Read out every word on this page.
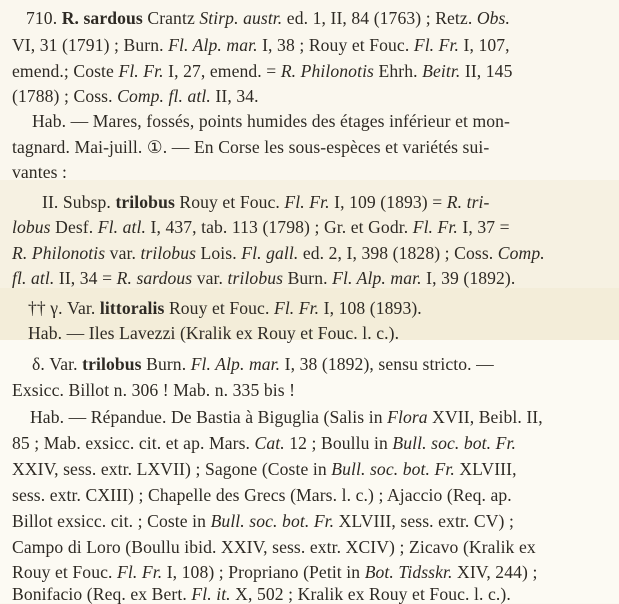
710. R. sardous Crantz Stirp. austr. ed. 1, II, 84 (1763) ; Retz. Obs.
VI, 31 (1791) ; Burn. Fl. Alp. mar. I, 38 ; Rouy et Fouc. Fl. Fr. I, 107,
emend.; Coste Fl. Fr. I, 27, emend. = R. Philonotis Ehrh. Beitr. II, 145
(1788) ; Coss. Comp. fl. atl. II, 34.
Hab. — Mares, fossés, points humides des étages inférieur et mon-
tagnard. Mai-juill. ①. — En Corse les sous-espèces et variétés sui-
vantes :
II. Subsp. trilobus Rouy et Fouc. Fl. Fr. I, 109 (1893) = R. tri-
lobus Desf. Fl. atl. I, 437, tab. 113 (1798) ; Gr. et Godr. Fl. Fr. I, 37 =
R. Philonotis var. trilobus Lois. Fl. gall. ed. 2, I, 398 (1828) ; Coss. Comp.
fl. atl. II, 34 = R. sardous var. trilobus Burn. Fl. Alp. mar. I, 39 (1892).
†† γ. Var. littoralis Rouy et Fouc. Fl. Fr. I, 108 (1893).
Hab. — Iles Lavezzi (Kralik ex Rouy et Fouc. l. c.).
δ. Var. trilobus Burn. Fl. Alp. mar. I, 38 (1892), sensu stricto. —
Exsicc. Billot n. 306 ! Mab. n. 335 bis !
Hab. — Répandue. De Bastia à Biguglia (Salis in Flora XVII, Beibl. II,
85 ; Mab. exsicc. cit. et ap. Mars. Cat. 12 ; Boullu in Bull. soc. bot. Fr.
XXIV, sess. extr. LXVII) ; Sagone (Coste in Bull. soc. bot. Fr. XLVIII,
sess. extr. CXIII) ; Chapelle des Grecs (Mars. l. c.) ; Ajaccio (Req. ap.
Billot exsicc. cit. ; Coste in Bull. soc. bot. Fr. XLVIII, sess. extr. CV) ;
Campo di Loro (Boullu ibid. XXIV, sess. extr. XCIV) ; Zicavo (Kralik ex
Rouy et Fouc. Fl. Fr. I, 108) ; Propriano (Petit in Bot. Tidsskr. XIV, 244) ;
Bonifacio (Req. ex Bert. Fl. it. X, 502 ; Kralik ex Rouy et Fouc. l. c.).
